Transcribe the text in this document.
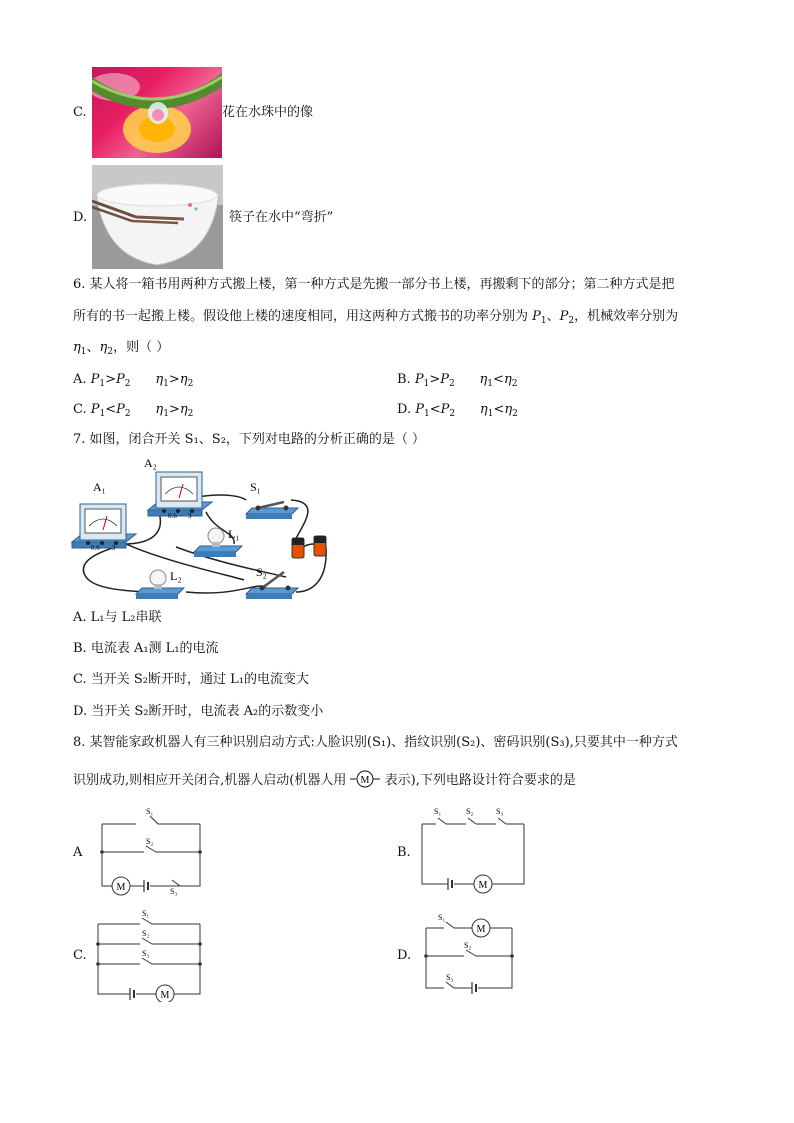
C.	花在水珠中的像
D.	筷子在水中“弯折”
6. 某人将一箱书用两种方式搬上楼，第一种方式是先搬一部分书上楼，再搬剩下的部分；第二种方式是把
所有的书一起搬上楼。假设他上楼的速度相同，用这两种方式搬书的功率分别为 $P_1$、$P_2$，机械效率分别为
$\eta_1$、$\eta_2$，则（ ）
A. $P_1>P_2$ $\eta_1>\eta_2$	B. $P_1>P_2$ $\eta_1<\eta_2$
C. $P_1<P_2$ $\eta_1>\eta_2$	D. $P_1<P_2$ $\eta_1<\eta_2$
7. 如图，闭合开关 S₁、S₂，下列对电路的分析正确的是（ ）
A₁
0.6 3
A₂
0.6 3
S₁
L₁
L₂	S₂
A. L₁与 L₂串联
B. 电流表 A₁测 L₁的电流
C. 当开关 S₂断开时，通过 L₁的电流变大
D. 当开关 S₂断开时，电流表 A₂的示数变小
8. 某智能家政机器人有三种识别启动方式:人脸识别(S₁)、指纹识别(S₂)、密码识别(S₃),只要其中一种方式
识别成功,则相应开关闭合,机器人启动(机器人用 M 表示),下列电路设计符合要求的是
A
M
S₁
S₂
S₃
B.
M
S₁	S₂	S₃
C.
M
S₁
S₂
S₃	D.
M
S₁
S₂
S₃
